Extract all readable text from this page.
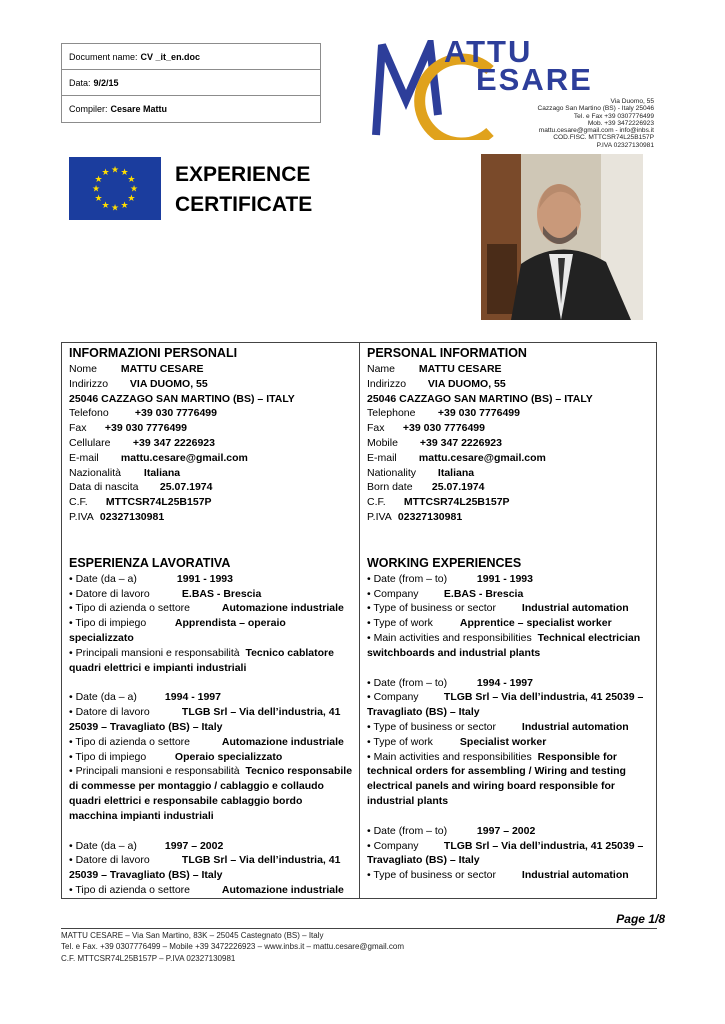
Document name: CV _it_en.doc
Data: 9/2/15
Compiler: Cesare Mattu
ATTU
ESARE
Via Duomo, 55
Cazzago San Martino (BS) - Italy 25046
Tel. e Fax +39 0307776499
Mob. +39 3472226923
mattu.cesare@gmail.com - info@inbs.it
COD.FISC. MTTCSR74L25B157P
P.IVA 02327130981
★ ★
★
★
★
★
★
★
★
★
★
★	EXPERIENCE
CERTIFICATE
INFORMAZIONI PERSONALI
Nome MATTU CESARE
Indirizzo VIA DUOMO, 55
25046 CAZZAGO SAN MARTINO (BS) – ITALY
Telefono +39 030 7776499
Fax +39 030 7776499
Cellulare +39 347 2226923
E-mail mattu.cesare@gmail.com
Nazionalità Italiana
Data di nascita 25.07.1974
C.F. MTTCSR74L25B157P
P.IVA 02327130981
ESPERIENZA LAVORATIVA
• Date (da – a)	1991 - 1993
• Datore di lavoro	E.BAS - Brescia
• Tipo di azienda o settore	Automazione industriale
• Tipo di impiego	Apprendista – operaio specializzato
• Principali mansioni e responsabilità Tecnico cablatore quadri elettrici e impianti industriali
• Date (da – a)	1994 - 1997
• Datore di lavoro	TLGB Srl – Via dell’industria, 41 25039 – Travagliato (BS) – Italy
• Tipo di azienda o settore	Automazione industriale
• Tipo di impiego	Operaio specializzato
• Principali mansioni e responsabilità Tecnico responsabile di commesse per montaggio / cablaggio e collaudo quadri elettrici e responsabile cablaggio bordo macchina impianti industriali
• Date (da – a)	1997 – 2002
• Datore di lavoro	TLGB Srl – Via dell’industria, 41 25039 – Travagliato (BS) – Italy
• Tipo di azienda o settore	Automazione industriale
PERSONAL INFORMATION
Name MATTU CESARE
Indirizzo VIA DUOMO, 55
25046 CAZZAGO SAN MARTINO (BS) – ITALY
Telephone +39 030 7776499
Fax +39 030 7776499
Mobile +39 347 2226923
E-mail mattu.cesare@gmail.com
Nationality Italiana
Born date 25.07.1974
C.F. MTTCSR74L25B157P
P.IVA 02327130981
WORKING EXPERIENCES
• Date (from – to)	1991 - 1993
• Company E.BAS - Brescia
• Type of business or sector Industrial automation
• Type of work	Apprentice – specialist worker
• Main activities and responsibilities Technical electrician switchboards and industrial plants
• Date (from – to)	1994 - 1997
• Company TLGB Srl – Via dell’industria, 41 25039 – Travagliato (BS) – Italy
• Type of business or sector Industrial automation
• Type of work	Specialist worker
• Main activities and responsibilities Responsible for technical orders for assembling / Wiring and testing electrical panels and wiring board responsible for industrial plants
• Date (from – to)	1997 – 2002
• Company TLGB Srl – Via dell’industria, 41 25039 – Travagliato (BS) – Italy
• Type of business or sector Industrial automation
Page 1/8
MATTU CESARE – Via San Martino, 83K – 25045 Castegnato (BS) – Italy
Tel. e Fax. +39 0307776499 – Mobile +39 3472226923 – www.inbs.it – mattu.cesare@gmail.com
C.F. MTTCSR74L25B157P – P.IVA 02327130981
